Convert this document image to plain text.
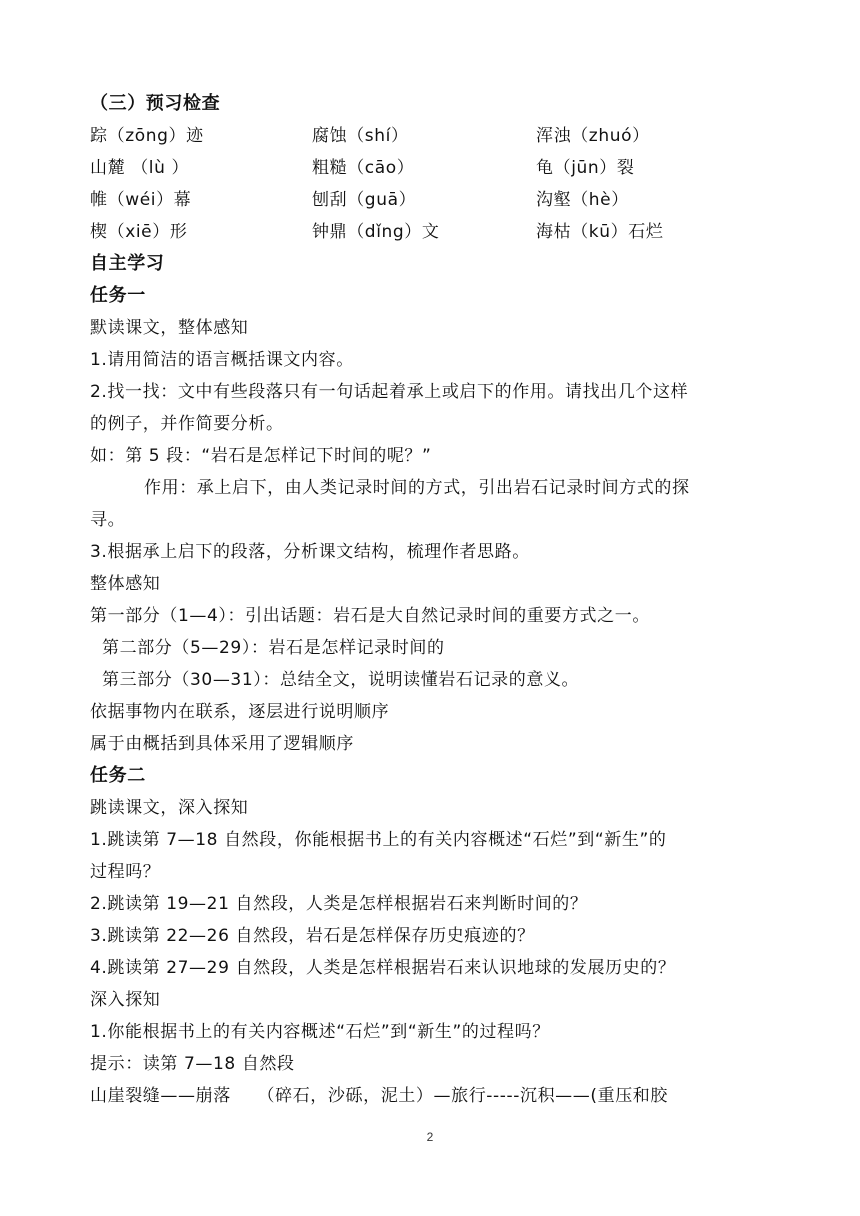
（三）预习检查
踪（zōng）迹	腐蚀（shí）	浑浊（zhuó）
山麓 （lù ）	粗糙（cāo）	龟（jūn）裂
帷（wéi）幕	刨刮（guā）	沟壑（hè）
楔（xiē）形	钟鼎（dǐng）文	海枯（kū）石烂
自主学习
任务一
默读课文，整体感知
1.请用简洁的语言概括课文内容。
2.找一找：文中有些段落只有一句话起着承上或启下的作用。请找出几个这样
的例子，并作简要分析。
如：第 5 段：“岩石是怎样记下时间的呢？”
作用：承上启下，由人类记录时间的方式，引出岩石记录时间方式的探
寻。
3.根据承上启下的段落，分析课文结构，梳理作者思路。
整体感知
第一部分（1—4）：引出话题：岩石是大自然记录时间的重要方式之一。
第二部分（5—29）：岩石是怎样记录时间的
第三部分（30—31）：总结全文，说明读懂岩石记录的意义。
依据事物内在联系，逐层进行说明顺序
属于由概括到具体采用了逻辑顺序
任务二
跳读课文，深入探知
1.跳读第 7—18 自然段，你能根据书上的有关内容概述“石烂”到“新生”的
过程吗？
2.跳读第 19—21 自然段，人类是怎样根据岩石来判断时间的？
3.跳读第 22—26 自然段，岩石是怎样保存历史痕迹的？
4.跳读第 27—29 自然段，人类是怎样根据岩石来认识地球的发展历史的？
深入探知
1.你能根据书上的有关内容概述“石烂”到“新生”的过程吗？
提示：读第 7—18 自然段
山崖裂缝——崩落　　（碎石，沙砾，泥土）—旅行-----沉积——(重压和胶
2
